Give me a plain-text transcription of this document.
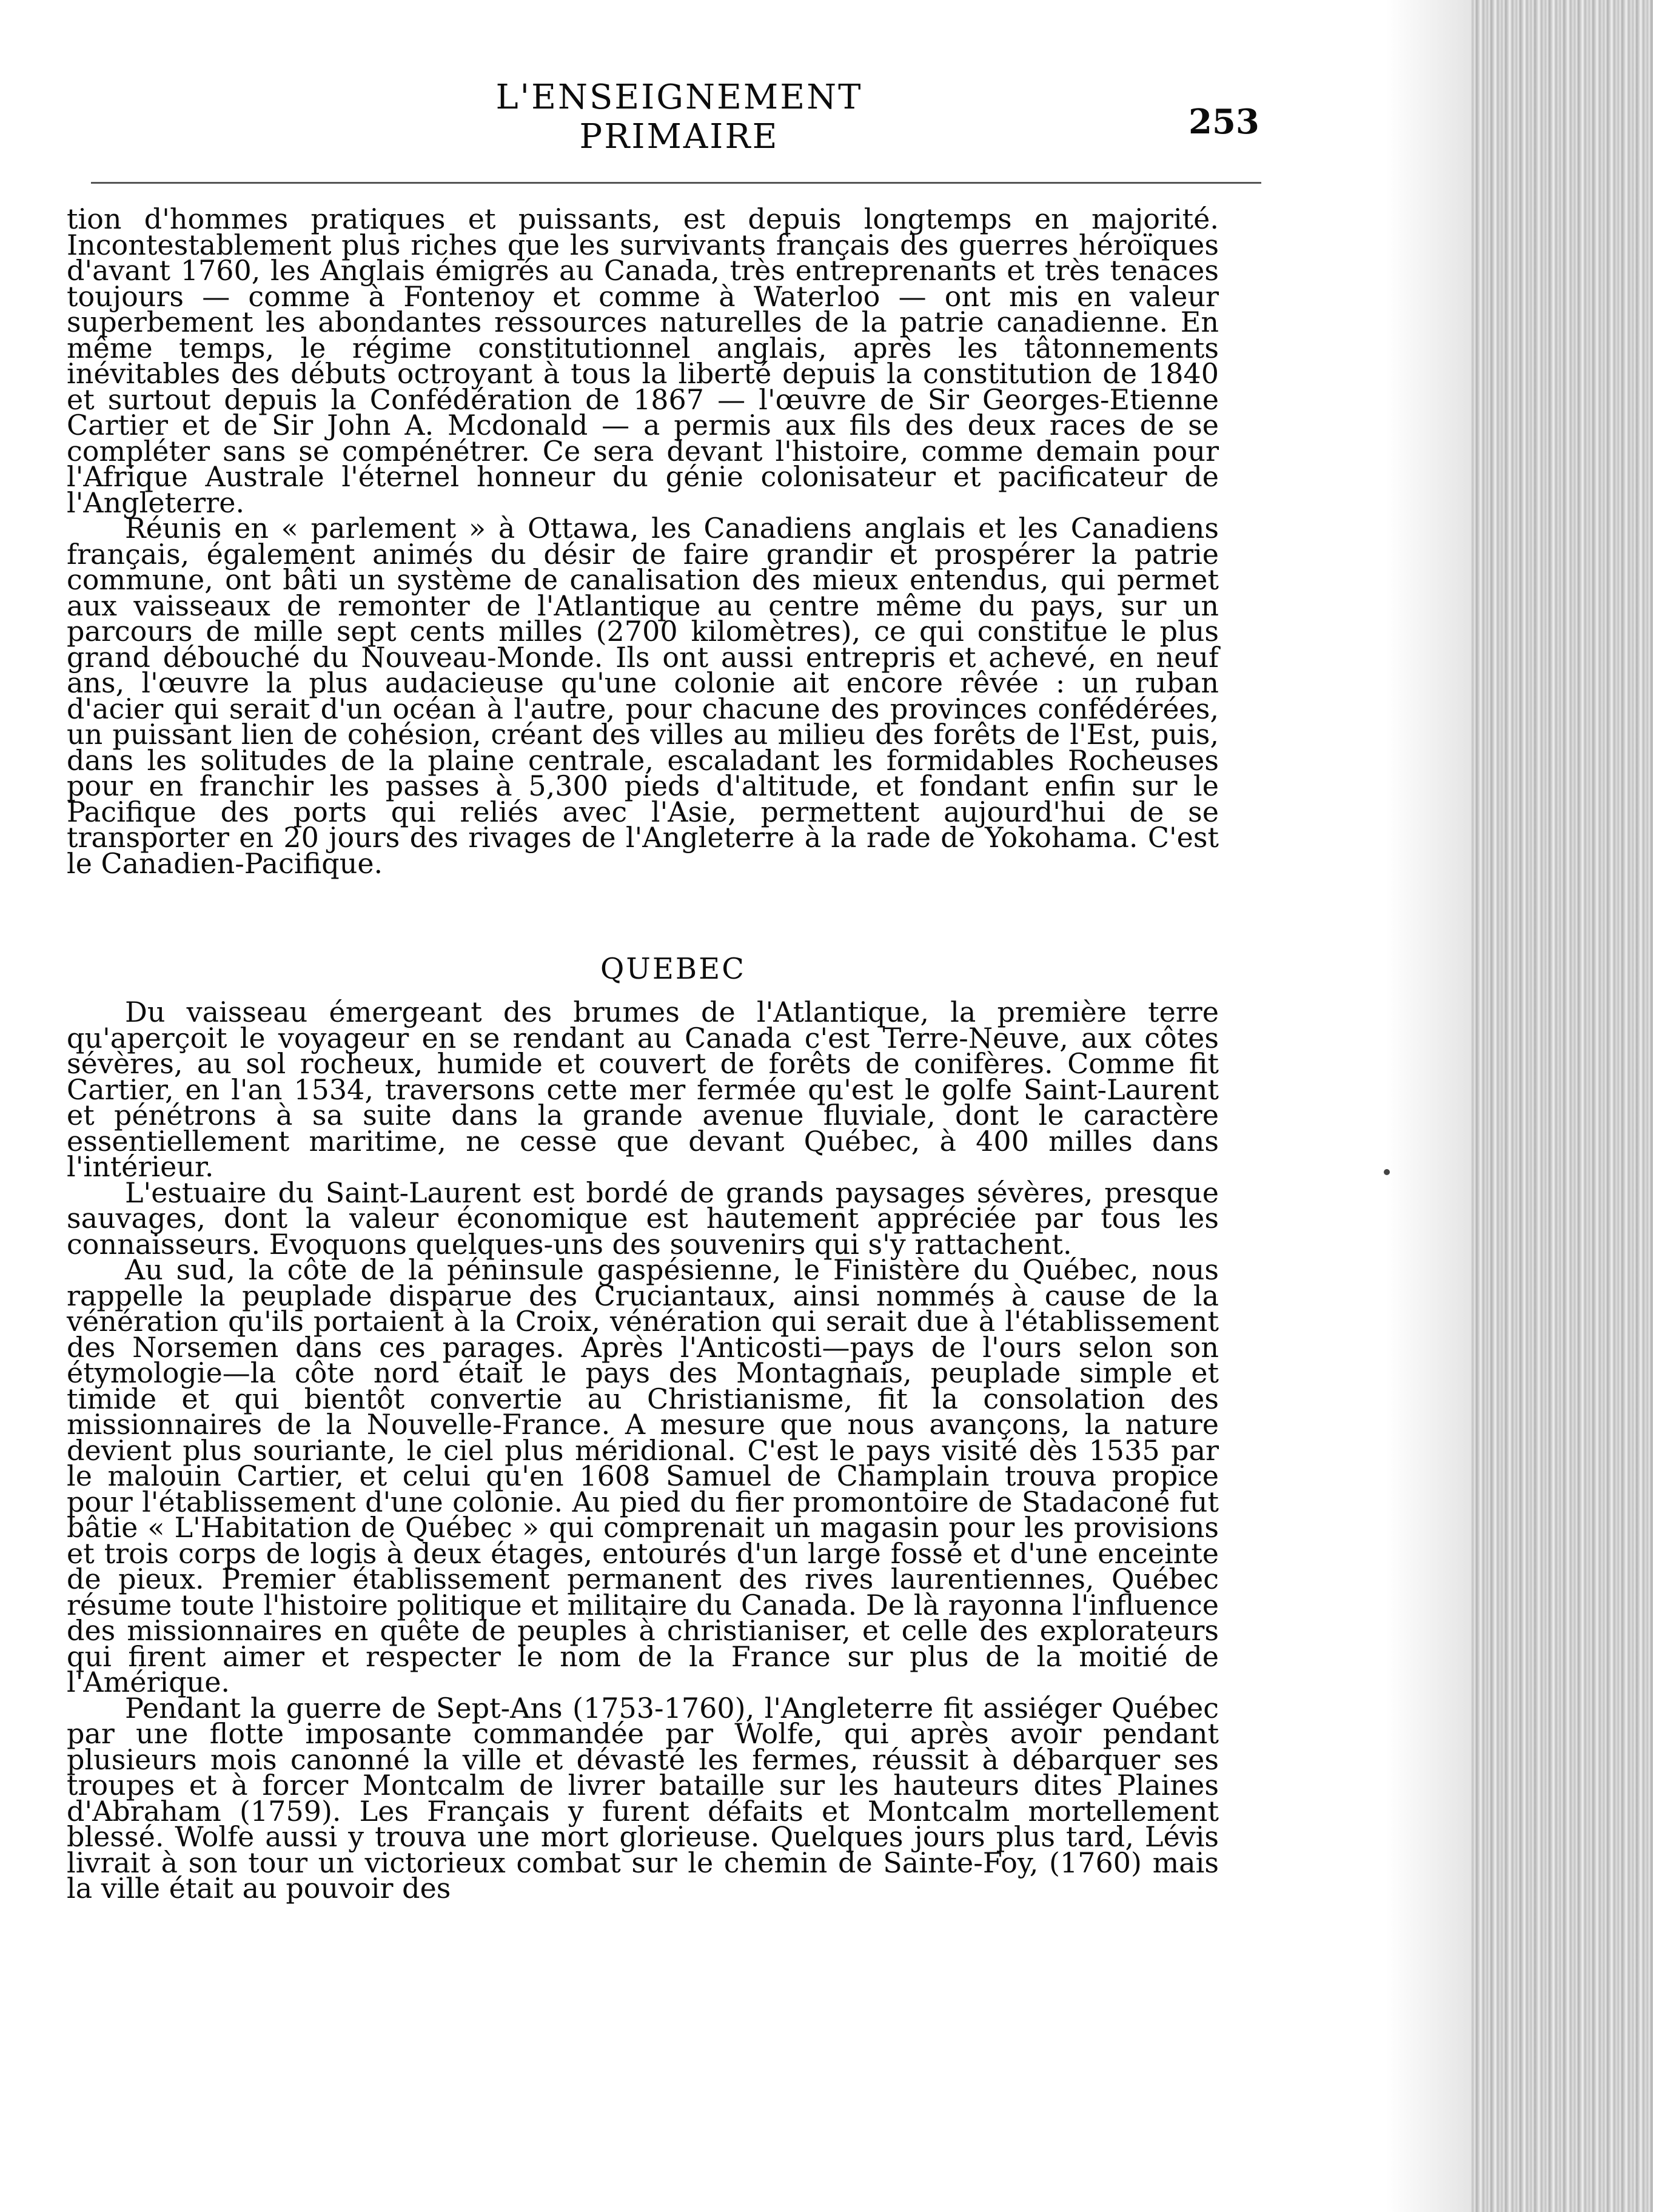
L'ENSEIGNEMENT PRIMAIRE	253

tion d'hommes pratiques et puissants, est depuis longtemps en majorité. Incontestablement plus riches que les survivants français des guerres héroïques d'avant 1760, les Anglais émigrés au Canada, très entreprenants et très tenaces toujours — comme à Fontenoy et comme à Waterloo — ont mis en valeur superbement les abondantes ressources naturelles de la patrie canadienne. En même temps, le régime constitutionnel anglais, après les tâtonnements inévitables des débuts octroyant à tous la liberté depuis la constitution de 1840 et surtout depuis la Confédération de 1867 — l'œuvre de Sir Georges-Etienne Cartier et de Sir John A. Mcdonald — a permis aux fils des deux races de se compléter sans se compénétrer. Ce sera devant l'histoire, comme demain pour l'Afrique Australe l'éternel honneur du génie colonisateur et pacificateur de l'Angleterre.

Réunis en « parlement » à Ottawa, les Canadiens anglais et les Canadiens français, également animés du désir de faire grandir et prospérer la patrie commune, ont bâti un système de canalisation des mieux entendus, qui permet aux vaisseaux de remonter de l'Atlantique au centre même du pays, sur un parcours de mille sept cents milles (2700 kilomètres), ce qui constitue le plus grand débouché du Nouveau-Monde. Ils ont aussi entrepris et achevé, en neuf ans, l'œuvre la plus audacieuse qu'une colonie ait encore rêvée : un ruban d'acier qui serait d'un océan à l'autre, pour chacune des provinces confédérées, un puissant lien de cohésion, créant des villes au milieu des forêts de l'Est, puis, dans les solitudes de la plaine centrale, escaladant les formidables Rocheuses pour en franchir les passes à 5,300 pieds d'altitude, et fondant enfin sur le Pacifique des ports qui reliés avec l'Asie, permettent aujourd'hui de se transporter en 20 jours des rivages de l'Angleterre à la rade de Yokohama. C'est le Canadien-Pacifique.

QUEBEC

Du vaisseau émergeant des brumes de l'Atlantique, la première terre qu'aperçoit le voyageur en se rendant au Canada c'est Terre-Neuve, aux côtes sévères, au sol rocheux, humide et couvert de forêts de conifères. Comme fit Cartier, en l'an 1534, traversons cette mer fermée qu'est le golfe Saint-Laurent et pénétrons à sa suite dans la grande avenue fluviale, dont le caractère essentiellement maritime, ne cesse que devant Québec, à 400 milles dans l'intérieur.

L'estuaire du Saint-Laurent est bordé de grands paysages sévères, presque sauvages, dont la valeur économique est hautement appréciée par tous les connaisseurs. Evoquons quelques-uns des souvenirs qui s'y rattachent.

Au sud, la côte de la péninsule gaspésienne, le Finistère du Québec, nous rappelle la peuplade disparue des Cruciantaux, ainsi nommés à cause de la vénération qu'ils portaient à la Croix, vénération qui serait due à l'établissement des Norsemen dans ces parages. Après l'Anticosti—pays de l'ours selon son étymologie—la côte nord était le pays des Montagnais, peuplade simple et timide et qui bientôt convertie au Christianisme, fit la consolation des missionnaires de la Nouvelle-France. A mesure que nous avançons, la nature devient plus souriante, le ciel plus méridional. C'est le pays visité dès 1535 par le malouin Cartier, et celui qu'en 1608 Samuel de Champlain trouva propice pour l'établissement d'une colonie. Au pied du fier promontoire de Stadaconé fut bâtie « L'Habitation de Québec » qui comprenait un magasin pour les provisions et trois corps de logis à deux étages, entourés d'un large fossé et d'une enceinte de pieux. Premier établissement permanent des rives laurentiennes, Québec résume toute l'histoire politique et militaire du Canada. De là rayonna l'influence des missionnaires en quête de peuples à christianiser, et celle des explorateurs qui firent aimer et respecter le nom de la France sur plus de la moitié de l'Amérique.

Pendant la guerre de Sept-Ans (1753-1760), l'Angleterre fit assiéger Québec par une flotte imposante commandée par Wolfe, qui après avoir pendant plusieurs mois canonné la ville et dévasté les fermes, réussit à débarquer ses troupes et à forcer Montcalm de livrer bataille sur les hauteurs dites Plaines d'Abraham (1759). Les Français y furent défaits et Montcalm mortellement blessé. Wolfe aussi y trouva une mort glorieuse. Quelques jours plus tard, Lévis livrait à son tour un victorieux combat sur le chemin de Sainte-Foy, (1760) mais la ville était au pouvoir des
